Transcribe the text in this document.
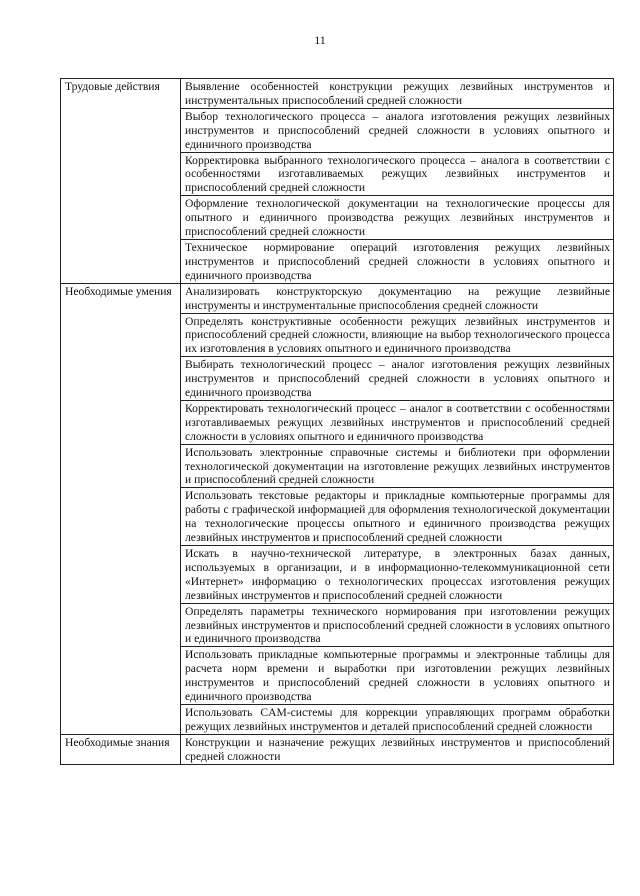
11
Трудовые действия	Выявление особенностей конструкции режущих лезвийных инструментов и инструментальных приспособлений средней сложности
	Выбор технологического процесса – аналога изготовления режущих лезвийных инструментов и приспособлений средней сложности в условиях опытного и единичного производства
	Корректировка выбранного технологического процесса – аналога в соответствии с особенностями изготавливаемых режущих лезвийных инструментов и приспособлений средней сложности
	Оформление технологической документации на технологические процессы для опытного и единичного производства режущих лезвийных инструментов и приспособлений средней сложности
	Техническое нормирование операций изготовления режущих лезвийных инструментов и приспособлений средней сложности в условиях опытного и единичного производства
Необходимые умения	Анализировать конструкторскую документацию на режущие лезвийные инструменты и инструментальные приспособления средней сложности
	Определять конструктивные особенности режущих лезвийных инструментов и приспособлений средней сложности, влияющие на выбор технологического процесса их изготовления в условиях опытного и единичного производства
	Выбирать технологический процесс – аналог изготовления режущих лезвийных инструментов и приспособлений средней сложности в условиях опытного и единичного производства
	Корректировать технологический процесс – аналог в соответствии с особенностями изготавливаемых режущих лезвийных инструментов и приспособлений средней сложности в условиях опытного и единичного производства
	Использовать электронные справочные системы и библиотеки при оформлении технологической документации на изготовление режущих лезвийных инструментов и приспособлений средней сложности
	Использовать текстовые редакторы и прикладные компьютерные программы для работы с графической информацией для оформления технологической документации на технологические процессы опытного и единичного производства режущих лезвийных инструментов и приспособлений средней сложности
	Искать в научно-технической литературе, в электронных базах данных, используемых в организации, и в информационно-телекоммуникационной сети «Интернет» информацию о технологических процессах изготовления режущих лезвийных инструментов и приспособлений средней сложности
	Определять параметры технического нормирования при изготовлении режущих лезвийных инструментов и приспособлений средней сложности в условиях опытного и единичного производства
	Использовать прикладные компьютерные программы и электронные таблицы для расчета норм времени и выработки при изготовлении режущих лезвийных инструментов и приспособлений средней сложности в условиях опытного и единичного производства
	Использовать CAM-системы для коррекции управляющих программ обработки режущих лезвийных инструментов и деталей приспособлений средней сложности
Необходимые знания	Конструкции и назначение режущих лезвийных инструментов и приспособлений средней сложности
